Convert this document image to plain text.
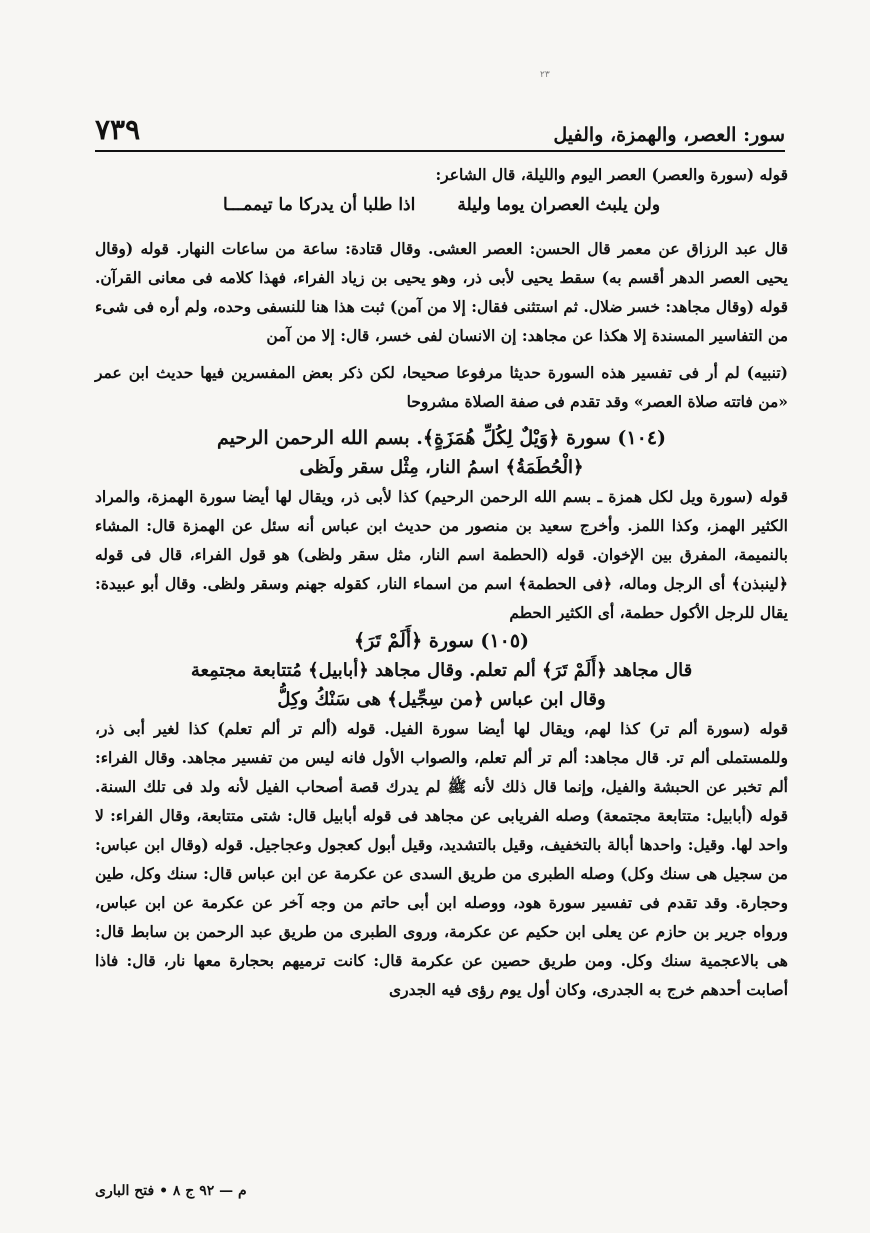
٢٣
سور: العصر، والهمزة، والفيل
٧٣٩

قوله (سورة والعصر) العصر اليوم والليلة، قال الشاعر:

ولن يلبث العصران يوما وليلة
اذا طلبا أن يدركا ما تيممـــا

قال عبد الرزاق عن معمر قال الحسن: العصر العشى. وقال قتادة: ساعة من ساعات النهار. قوله (وقال يحيى العصر الدهر أقسم به) سقط يحيى لأبى ذر، وهو يحيى بن زياد الفراء، فهذا كلامه فى معانى القرآن. قوله (وقال مجاهد: خسر ضلال. ثم استثنى فقال: إلا من آمن) ثبت هذا هنا للنسفى وحده، ولم أره فى شىء من التفاسير المسندة إلا هكذا عن مجاهد: إن الانسان لفى خسر، قال: إلا من آمن

(تنبيه) لم أر فى تفسير هذه السورة حديثا مرفوعا صحيحا، لكن ذكر بعض المفسرين فيها حديث ابن عمر «من فاتته صلاة العصر» وقد تقدم فى صفة الصلاة مشروحا

(١٠٤) سورة ﴿وَيْلٌ لِكُلِّ هُمَزَةٍ﴾. بسم الله الرحمن الرحيم

﴿الْحُطَمَةُ﴾ اسمُ النار، مِثْل سقر ولَظى

قوله (سورة ويل لكل همزة ـ بسم الله الرحمن الرحيم) كذا لأبى ذر، ويقال لها أيضا سورة الهمزة، والمراد الكثير الهمز، وكذا اللمز. وأخرج سعيد بن منصور من حديث ابن عباس أنه سئل عن الهمزة قال: المشاء بالنميمة، المفرق بين الإخوان. قوله (الحطمة اسم النار، مثل سقر ولظى) هو قول الفراء، قال فى قوله ﴿لينبذن﴾ أى الرجل وماله، ﴿فى الحطمة﴾ اسم من اسماء النار، كقوله جهنم وسقر ولظى. وقال أبو عبيدة: يقال للرجل الأكول حطمة، أى الكثير الحطم

(١٠٥) سورة ﴿أَلَمْ تَرَ﴾

قال مجاهد ﴿أَلَمْ تَرَ﴾ ألم تعلم. وقال مجاهد ﴿أبابيل﴾ مُتتابعة مجتمِعة

وقال ابن عباس ﴿من سِجِّيل﴾ هى سَنْكُ وكِلُّ

قوله (سورة ألم تر) كذا لهم، ويقال لها أيضا سورة الفيل. قوله (ألم تر ألم تعلم) كذا لغير أبى ذر، وللمستملى ألم تر. قال مجاهد: ألم تر ألم تعلم، والصواب الأول فانه ليس من تفسير مجاهد. وقال الفراء: ألم تخبر عن الحبشة والفيل، وإنما قال ذلك لأنه ﷺ لم يدرك قصة أصحاب الفيل لأنه ولد فى تلك السنة. قوله (أبابيل: متتابعة مجتمعة) وصله الفريابى عن مجاهد فى قوله أبابيل قال: شتى متتابعة، وقال الفراء: لا واحد لها. وقيل: واحدها أبالة بالتخفيف، وقيل بالتشديد، وقيل أبول كعجول وعجاجيل. قوله (وقال ابن عباس: من سجيل هى سنك وكل) وصله الطبرى من طريق السدى عن عكرمة عن ابن عباس قال: سنك وكل، طين وحجارة. وقد تقدم فى تفسير سورة هود، ووصله ابن أبى حاتم من وجه آخر عن عكرمة عن ابن عباس، ورواه جرير بن حازم عن يعلى ابن حكيم عن عكرمة، وروى الطبرى من طريق عبد الرحمن بن سابط قال: هى بالاعجمية سنك وكل. ومن طريق حصين عن عكرمة قال: كانت ترميهم بحجارة معها نار، قال: فاذا أصابت أحدهم خرج به الجدرى، وكان أول يوم رؤى فيه الجدرى

م — ٩٢ ج ٨ • فتح البارى
